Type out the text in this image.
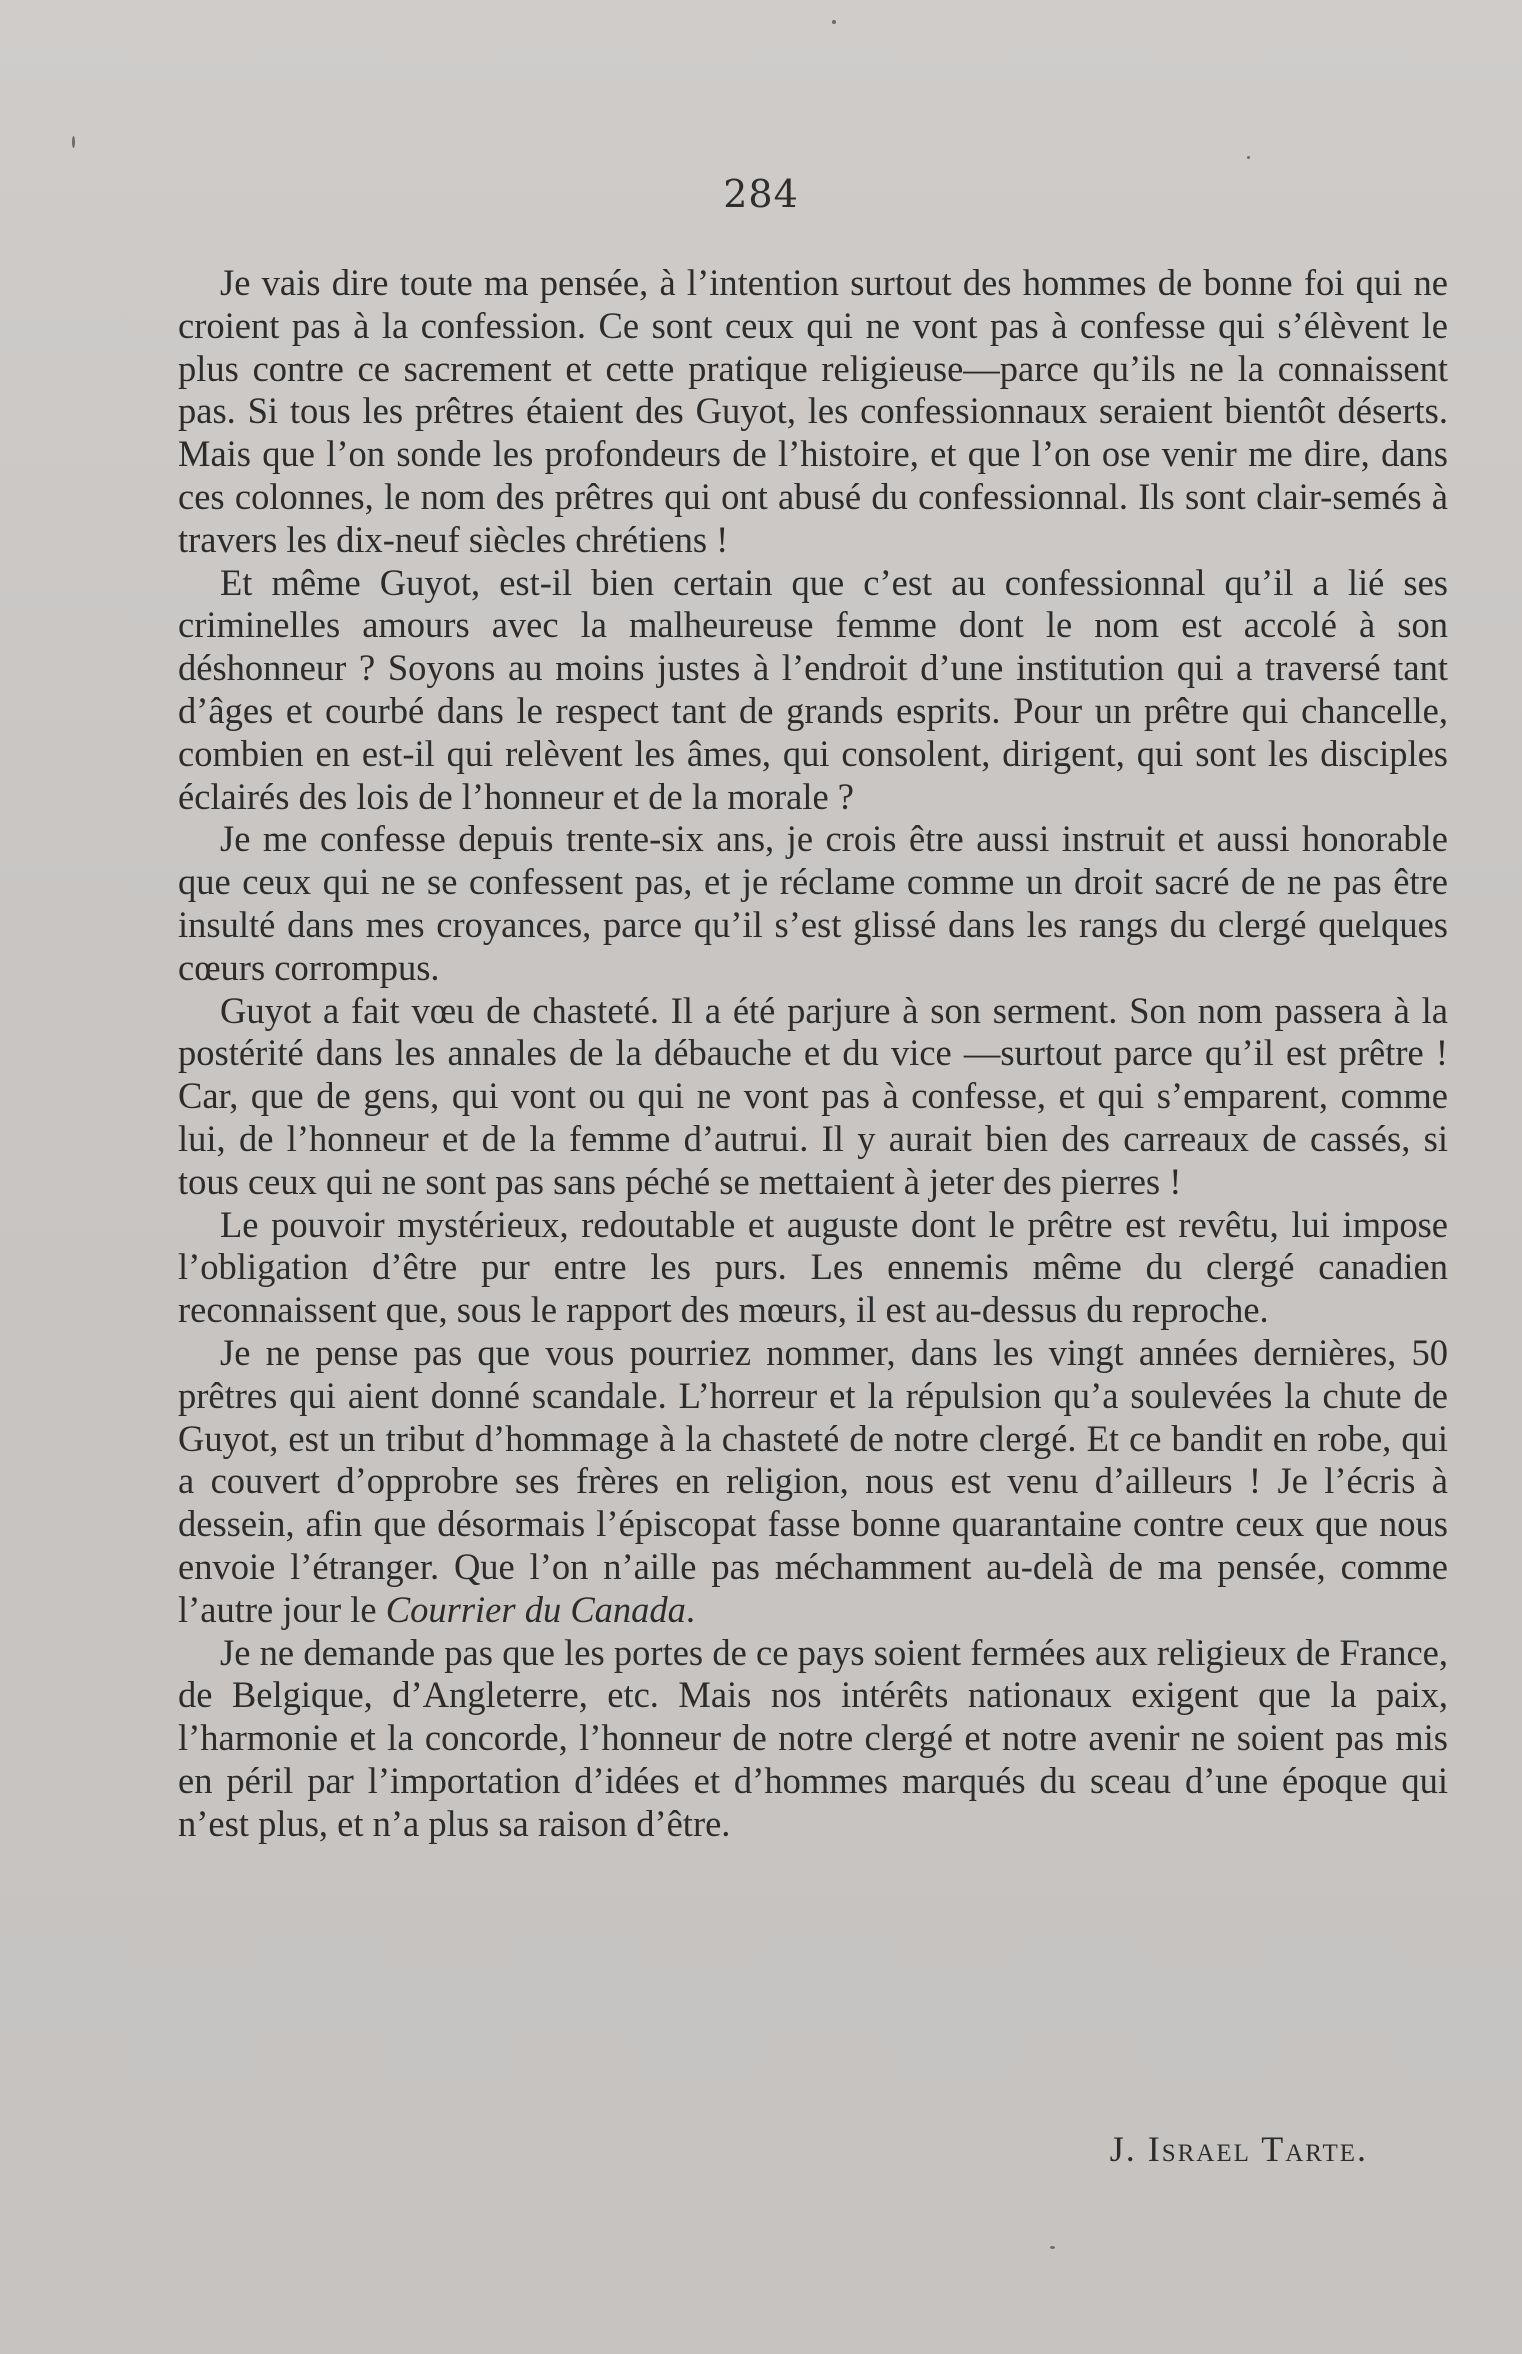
284

Je vais dire toute ma pensée, à l’intention surtout des hommes de bonne foi qui ne croient pas à la confession. Ce sont ceux qui ne vont pas à confesse qui s’élèvent le plus contre ce sacrement et cette pratique religieuse—parce qu’ils ne la connaissent pas. Si tous les prêtres étaient des Guyot, les confessionnaux seraient bientôt déserts. Mais que l’on sonde les profondeurs de l’histoire, et que l’on ose venir me dire, dans ces colonnes, le nom des prêtres qui ont abusé du confessionnal. Ils sont clair-semés à travers les dix-neuf siècles chrétiens !

Et même Guyot, est-il bien certain que c’est au confessionnal qu’il a lié ses criminelles amours avec la malheureuse femme dont le nom est accolé à son déshonneur ? Soyons au moins justes à l’endroit d’une institution qui a traversé tant d’âges et courbé dans le respect tant de grands esprits. Pour un prêtre qui chancelle, combien en est-il qui relèvent les âmes, qui consolent, dirigent, qui sont les disciples éclairés des lois de l’honneur et de la morale ?

Je me confesse depuis trente-six ans, je crois être aussi instruit et aussi honorable que ceux qui ne se confessent pas, et je réclame comme un droit sacré de ne pas être insulté dans mes croyances, parce qu’il s’est glissé dans les rangs du clergé quelques cœurs corrompus.

Guyot a fait vœu de chasteté. Il a été parjure à son serment. Son nom passera à la postérité dans les annales de la débauche et du vice —surtout parce qu’il est prêtre ! Car, que de gens, qui vont ou qui ne vont pas à confesse, et qui s’emparent, comme lui, de l’honneur et de la femme d’autrui. Il y aurait bien des carreaux de cassés, si tous ceux qui ne sont pas sans péché se mettaient à jeter des pierres !

Le pouvoir mystérieux, redoutable et auguste dont le prêtre est revêtu, lui impose l’obligation d’être pur entre les purs. Les ennemis même du clergé canadien reconnaissent que, sous le rapport des mœurs, il est au-dessus du reproche.

Je ne pense pas que vous pourriez nommer, dans les vingt années dernières, 50 prêtres qui aient donné scandale. L’horreur et la répulsion qu’a soulevées la chute de Guyot, est un tribut d’hommage à la chasteté de notre clergé. Et ce bandit en robe, qui a couvert d’opprobre ses frères en religion, nous est venu d’ailleurs ! Je l’écris à dessein, afin que désormais l’épiscopat fasse bonne quarantaine contre ceux que nous envoie l’étranger. Que l’on n’aille pas méchamment au-delà de ma pensée, comme l’autre jour le Courrier du Canada.

Je ne demande pas que les portes de ce pays soient fermées aux religieux de France, de Belgique, d’Angleterre, etc. Mais nos intérêts nationaux exigent que la paix, l’harmonie et la concorde, l’honneur de notre clergé et notre avenir ne soient pas mis en péril par l’importation d’idées et d’hommes marqués du sceau d’une époque qui n’est plus, et n’a plus sa raison d’être.

J. Israel Tarte.
